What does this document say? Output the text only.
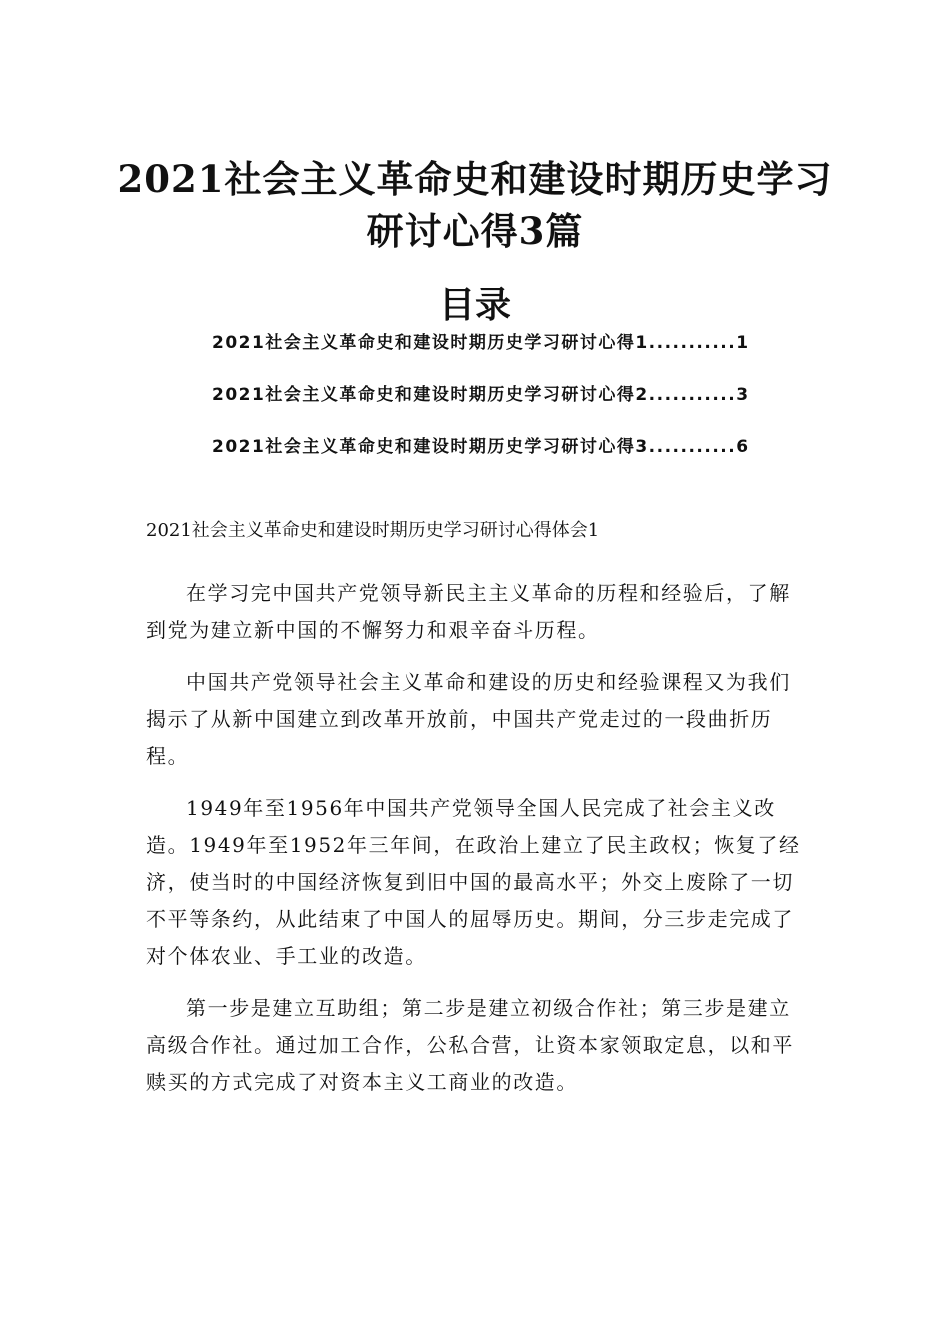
2021社会主义革命史和建设时期历史学习研讨心得3篇
目录
2021社会主义革命史和建设时期历史学习研讨心得1...........1
2021社会主义革命史和建设时期历史学习研讨心得2...........3
2021社会主义革命史和建设时期历史学习研讨心得3...........6
2021社会主义革命史和建设时期历史学习研讨心得体会1

在学习完中国共产党领导新民主主义革命的历程和经验后，了解到党为建立新中国的不懈努力和艰辛奋斗历程。

中国共产党领导社会主义革命和建设的历史和经验课程又为我们揭示了从新中国建立到改革开放前，中国共产党走过的一段曲折历程。

1949年至1956年中国共产党领导全国人民完成了社会主义改造。1949年至1952年三年间，在政治上建立了民主政权；恢复了经济，使当时的中国经济恢复到旧中国的最高水平；外交上废除了一切不平等条约，从此结束了中国人的屈辱历史。期间，分三步走完成了对个体农业、手工业的改造。

第一步是建立互助组；第二步是建立初级合作社；第三步是建立高级合作社。通过加工合作，公私合营，让资本家领取定息，以和平赎买的方式完成了对资本主义工商业的改造。
